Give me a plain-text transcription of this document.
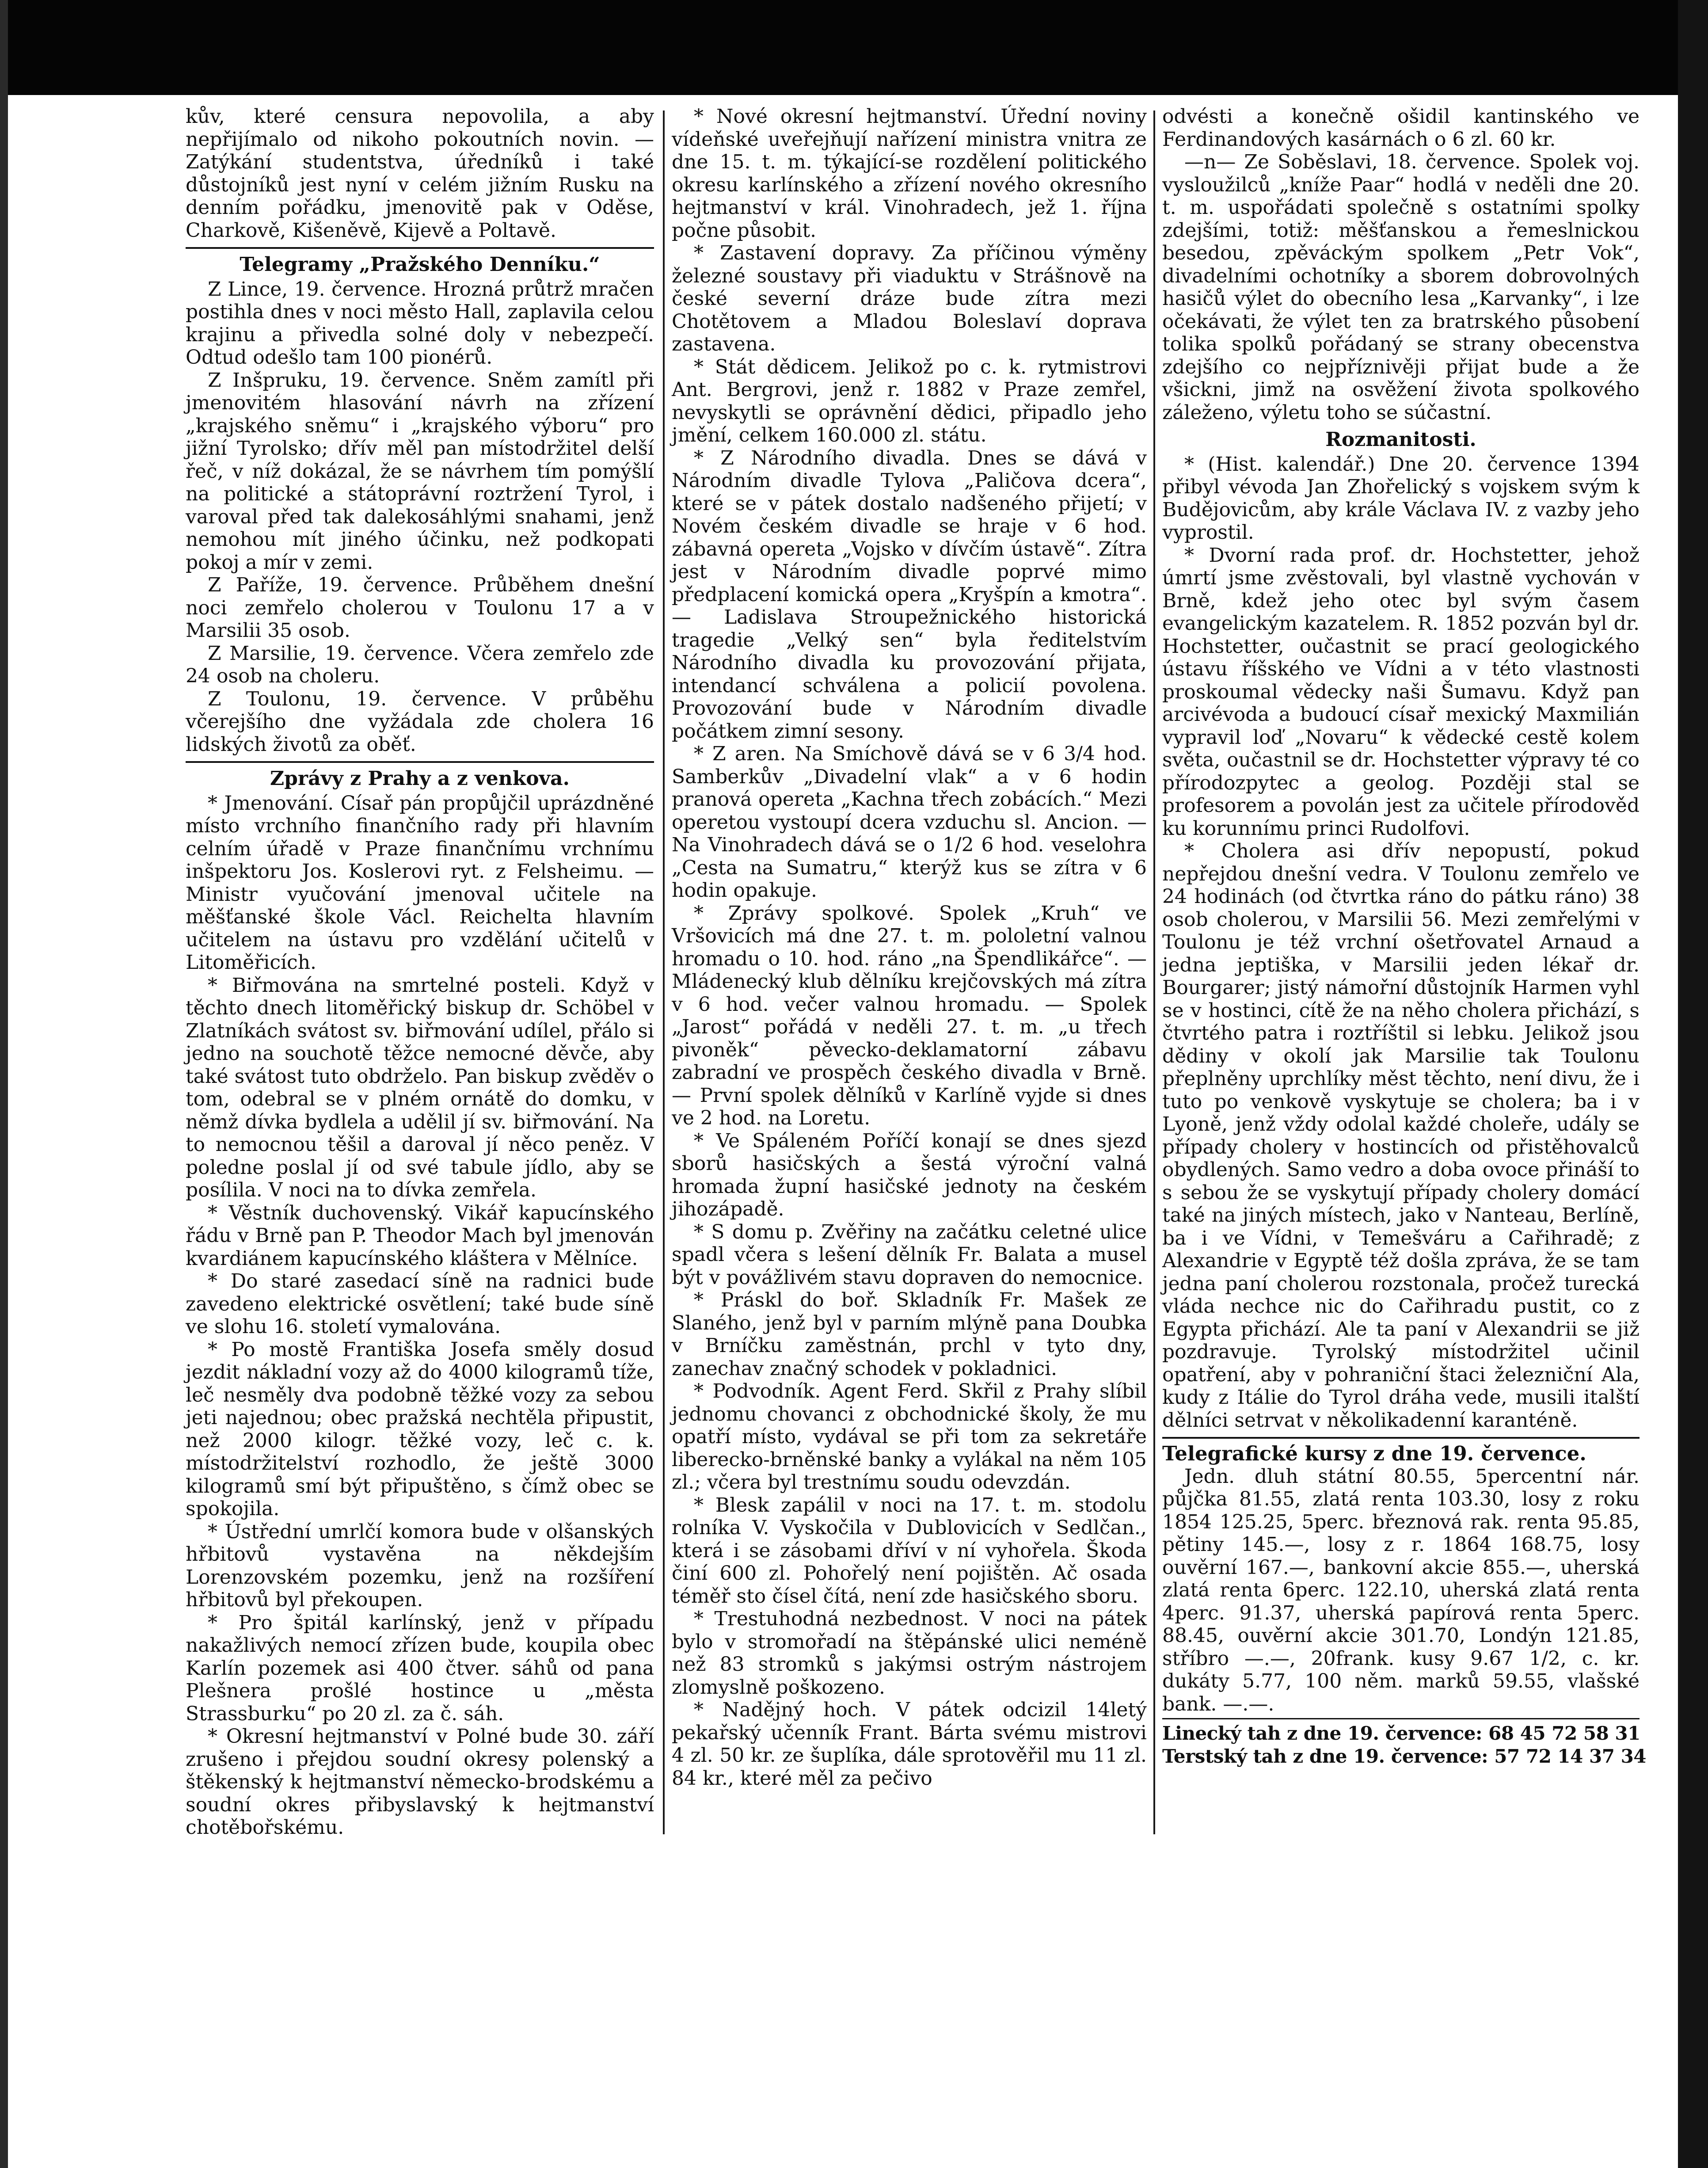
kův, které censura nepovolila, a aby nepřijímalo od nikoho pokoutních novin. — Zatýkání studentstva, úředníků i také důstojníků jest nyní v celém jižním Rusku na denním pořádku, jmenovitě pak v Oděse, Charkově, Kišeněvě, Kijevě a Poltavě.

Telegramy „Pražského Denníku.“

Z Lince, 19. července. Hrozná průtrž mračen postihla dnes v noci město Hall, zaplavila celou krajinu a přivedla solné doly v nebezpečí. Odtud odešlo tam 100 pionérů.

Z Inšpruku, 19. července. Sněm zamítl při jmenovitém hlasování návrh na zřízení „krajského sněmu“ i „krajského výboru“ pro jižní Tyrolsko; dřív měl pan místodržitel delší řeč, v níž dokázal, že se návrhem tím pomýšlí na politické a státoprávní roztržení Tyrol, i varoval před tak dalekosáhlými snahami, jenž nemohou mít jiného účinku, než podkopati pokoj a mír v zemi.

Z Paříže, 19. července. Průběhem dnešní noci zemřelo cholerou v Toulonu 17 a v Marsilii 35 osob.

Z Marsilie, 19. července. Včera zemřelo zde 24 osob na choleru.

Z Toulonu, 19. července. V průběhu včerejšího dne vyžádala zde cholera 16 lidských životů za oběť.

Zprávy z Prahy a z venkova.

* Jmenování. Císař pán propůjčil uprázdněné místo vrchního finančního rady při hlavním celním úřadě v Praze finančnímu vrchnímu inšpektoru Jos. Koslerovi ryt. z Felsheimu. — Ministr vyučování jmenoval učitele na měšťanské škole Václ. Reichelta hlavním učitelem na ústavu pro vzdělání učitelů v Litoměřicích.

* Biřmována na smrtelné posteli. Když v těchto dnech litoměřický biskup dr. Schöbel v Zlatníkách svátost sv. biřmování udílel, přálo si jedno na souchotě těžce nemocné děvče, aby také svátost tuto obdrželo. Pan biskup zvěděv o tom, odebral se v plném ornátě do domku, v němž dívka bydlela a udělil jí sv. biřmování. Na to nemocnou těšil a daroval jí něco peněz. V poledne poslal jí od své tabule jídlo, aby se posílila. V noci na to dívka zemřela.

* Věstník duchovenský. Vikář kapucínského řádu v Brně pan P. Theodor Mach byl jmenován kvardiánem kapucínského kláštera v Mělníce.

* Do staré zasedací síně na radnici bude zavedeno elektrické osvětlení; také bude síně ve slohu 16. století vymalována.

* Po mostě Františka Josefa směly dosud jezdit nákladní vozy až do 4000 kilogramů tíže, leč nesměly dva podobně těžké vozy za sebou jeti najednou; obec pražská nechtěla připustit, než 2000 kilogr. těžké vozy, leč c. k. místodržitelství rozhodlo, že ještě 3000 kilogramů smí být připuštěno, s čímž obec se spokojila.

* Ústřední umrlčí komora bude v olšanských hřbitovů vystavěna na někdejším Lorenzovském pozemku, jenž na rozšíření hřbitovů byl překoupen.

* Pro špitál karlínský, jenž v případu nakažlivých nemocí zřízen bude, koupila obec Karlín pozemek asi 400 čtver. sáhů od pana Plešnera prošlé hostince u „města Strassburku“ po 20 zl. za č. sáh.

* Okresní hejtmanství v Polné bude 30. září zrušeno i přejdou soudní okresy polenský a štěkenský k hejtmanství německo-brodskému a soudní okres přibyslavský k hejtmanství chotěbořskému.

* Nové okresní hejtmanství. Úřední noviny vídeňské uveřejňují nařízení ministra vnitra ze dne 15. t. m. týkající-se rozdělení politického okresu karlínského a zřízení nového okresního hejtmanství v král. Vinohradech, jež 1. října počne působit.

* Zastavení dopravy. Za příčinou výměny železné soustavy při viaduktu v Strášnově na české severní dráze bude zítra mezi Chotětovem a Mladou Boleslaví doprava zastavena.

* Stát dědicem. Jelikož po c. k. rytmistrovi Ant. Bergrovi, jenž r. 1882 v Praze zemřel, nevyskytli se oprávnění dědici, připadlo jeho jmění, celkem 160.000 zl. státu.

* Z Národního divadla. Dnes se dává v Národním divadle Tylova „Paličova dcera“, které se v pátek dostalo nadšeného přijetí; v Novém českém divadle se hraje v 6 hod. zábavná opereta „Vojsko v dívčím ústavě“. Zítra jest v Národním divadle poprvé mimo předplacení komická opera „Kryšpín a kmotra“. — Ladislava Stroupežnického historická tragedie „Velký sen“ byla ředitelstvím Národního divadla ku provozování přijata, intendancí schválena a policií povolena. Provozování bude v Národním divadle počátkem zimní sesony.

* Z aren. Na Smíchově dává se v 6 3/4 hod. Samberkův „Divadelní vlak“ a v 6 hodin pranová opereta „Kachna třech zobácích.“ Mezi operetou vystoupí dcera vzduchu sl. Ancion. — Na Vinohradech dává se o 1/2 6 hod. veselohra „Cesta na Sumatru,“ kterýž kus se zítra v 6 hodin opakuje.

* Zprávy spolkové. Spolek „Kruh“ ve Vršovicích má dne 27. t. m. pololetní valnou hromadu o 10. hod. ráno „na Špendlikářce“. — Mládenecký klub dělníku krejčovských má zítra v 6 hod. večer valnou hromadu. — Spolek „Jarost“ pořádá v neděli 27. t. m. „u třech pivoněk“ pěvecko-deklamatorní zábavu zabradní ve prospěch českého divadla v Brně. — První spolek dělníků v Karlíně vyjde si dnes ve 2 hod. na Loretu.

* Ve Spáleném Poříčí konají se dnes sjezd sborů hasičských a šestá výroční valná hromada župní hasičské jednoty na českém jihozápadě.

* S domu p. Zvěřiny na začátku celetné ulice spadl včera s lešení dělník Fr. Balata a musel být v povážlivém stavu dopraven do nemocnice.

* Práskl do boř. Skladník Fr. Mašek ze Slaného, jenž byl v parním mlýně pana Doubka v Brníčku zaměstnán, prchl v tyto dny, zanechav značný schodek v pokladnici.

* Podvodník. Agent Ferd. Skřil z Prahy slíbil jednomu chovanci z obchodnické školy, že mu opatří místo, vydával se při tom za sekretáře liberecko-brněnské banky a vylákal na něm 105 zl.; včera byl trestnímu soudu odevzdán.

* Blesk zapálil v noci na 17. t. m. stodolu rolníka V. Vyskočila v Dublovicích v Sedlčan., která i se zásobami dříví v ní vyhořela. Škoda činí 600 zl. Pohořelý není pojištěn. Ač osada téměř sto čísel čítá, není zde hasičského sboru.

* Trestuhodná nezbednost. V noci na pátek bylo v stromořadí na štěpánské ulici neméně než 83 stromků s jakýmsi ostrým nástrojem zlomyslně poškozeno.

* Nadějný hoch. V pátek odcizil 14letý pekařský učenník Frant. Bárta svému mistrovi 4 zl. 50 kr. ze šuplíka, dále sprotověřil mu 11 zl. 84 kr., které měl za pečivo

odvésti a konečně ošidil kantinského ve Ferdinandových kasárnách o 6 zl. 60 kr.

—n— Ze Soběslavi, 18. července. Spolek voj. vysloužilců „kníže Paar“ hodlá v neděli dne 20. t. m. uspořádati společně s ostatními spolky zdejšími, totiž: měšťanskou a řemeslnickou besedou, zpěváckým spolkem „Petr Vok“, divadelními ochotníky a sborem dobrovolných hasičů výlet do obecního lesa „Karvanky“, i lze očekávati, že výlet ten za bratrského působení tolika spolků pořádaný se strany obecenstva zdejšího co nejpříznivěji přijat bude a že všickni, jimž na osvěžení života spolkového záleženo, výletu toho se súčastní.

Rozmanitosti.

* (Hist. kalendář.) Dne 20. července 1394 přibyl vévoda Jan Zhořelický s vojskem svým k Budějovicům, aby krále Václava IV. z vazby jeho vyprostil.

* Dvorní rada prof. dr. Hochstetter, jehož úmrtí jsme zvěstovali, byl vlastně vychován v Brně, kdež jeho otec byl svým časem evangelickým kazatelem. R. 1852 pozván byl dr. Hochstetter, oučastnit se prací geologického ústavu říšského ve Vídni a v této vlastnosti proskoumal vědecky naši Šumavu. Když pan arcivévoda a budoucí císař mexický Maxmilián vypravil loď „Novaru“ k vědecké cestě kolem světa, oučastnil se dr. Hochstetter výpravy té co přírodozpytec a geolog. Později stal se profesorem a povolán jest za učitele přírodověd ku korunnímu princi Rudolfovi.

* Cholera asi dřív nepopustí, pokud nepřejdou dnešní vedra. V Toulonu zemřelo ve 24 hodinách (od čtvrtka ráno do pátku ráno) 38 osob cholerou, v Marsilii 56. Mezi zemřelými v Toulonu je též vrchní ošetřovatel Arnaud a jedna jeptiška, v Marsilii jeden lékař dr. Bourgarer; jistý námořní důstojník Harmen vyhl se v hostinci, cítě že na něho cholera přichází, s čtvrtého patra i roztříštil si lebku. Jelikož jsou dědiny v okolí jak Marsilie tak Toulonu přeplněny uprchlíky měst těchto, není divu, že i tuto po venkově vyskytuje se cholera; ba i v Lyoně, jenž vždy odolal každé choleře, udály se případy cholery v hostincích od přistěhovalců obydlených. Samo vedro a doba ovoce přináší to s sebou že se vyskytují případy cholery domácí také na jiných místech, jako v Nanteau, Berlíně, ba i ve Vídni, v Temešváru a Cařihradě; z Alexandrie v Egyptě též došla zpráva, že se tam jedna paní cholerou rozstonala, pročež turecká vláda nechce nic do Cařihradu pustit, co z Egypta přichází. Ale ta paní v Alexandrii se již pozdravuje. Tyrolský místodržitel učinil opatření, aby v pohraniční štaci železniční Ala, kudy z Itálie do Tyrol dráha vede, musili italští dělníci setrvat v několikadenní karanténě.

Telegrafické kursy z dne 19. července.

Jedn. dluh státní 80.55, 5percentní nár. půjčka 81.55, zlatá renta 103.30, losy z roku 1854 125.25, 5perc. březnová rak. renta 95.85, pětiny 145.—, losy z r. 1864 168.75, losy ouvěrní 167.—, bankovní akcie 855.—, uherská zlatá renta 6perc. 122.10, uherská zlatá renta 4perc. 91.37, uherská papírová renta 5perc. 88.45, ouvěrní akcie 301.70, Londýn 121.85, stříbro —.—, 20frank. kusy 9.67 1/2, c. kr. dukáty 5.77, 100 něm. marků 59.55, vlašské bank. —.—.

Linecký tah z dne 19. července: 68 45 72 58 31

Terstský tah z dne 19. července: 57 72 14 37 34
